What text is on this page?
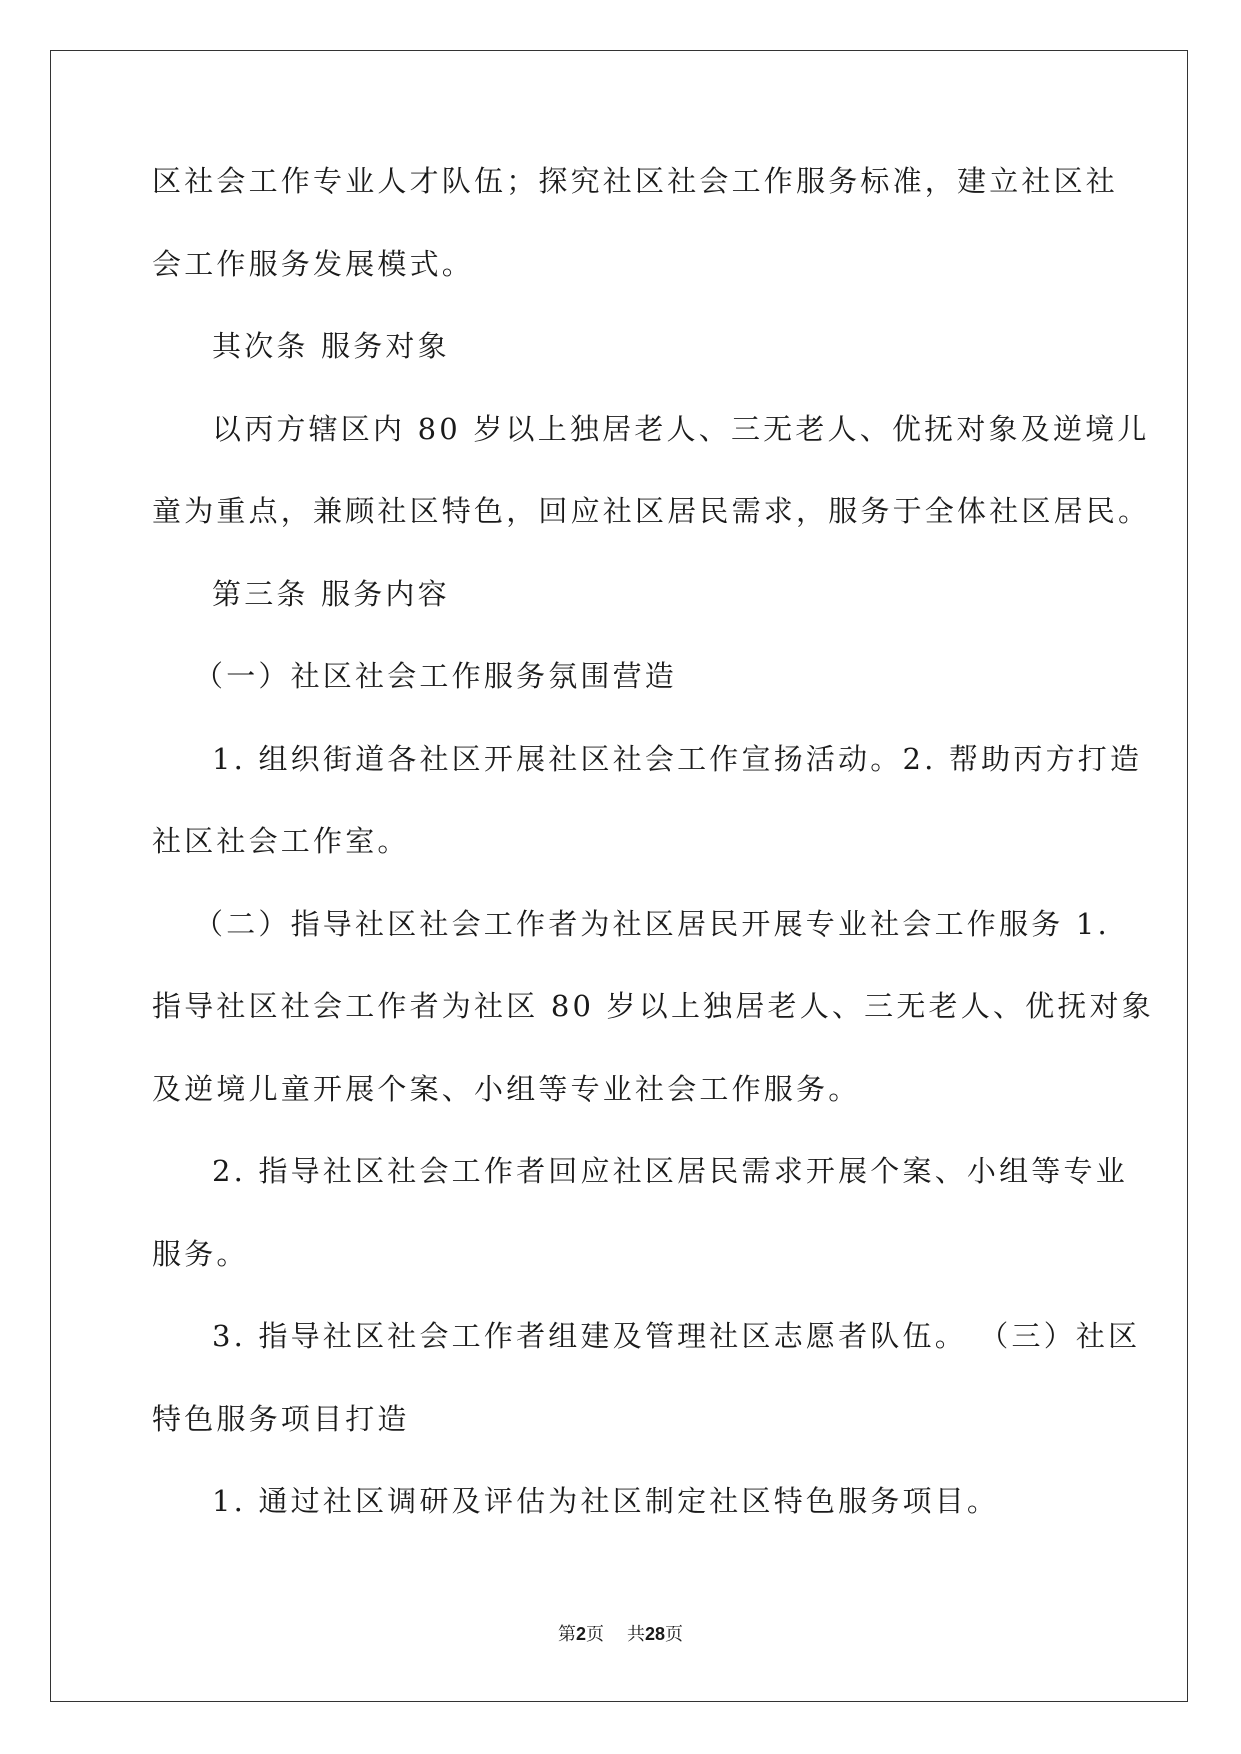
区社会工作专业人才队伍；探究社区社会工作服务标准，建立社区社
会工作服务发展模式。
其次条 服务对象
以丙方辖区内 80 岁以上独居老人、三无老人、优抚对象及逆境儿
童为重点，兼顾社区特色，回应社区居民需求，服务于全体社区居民。
第三条 服务内容
（一）社区社会工作服务氛围营造
1. 组织街道各社区开展社区社会工作宣扬活动。2. 帮助丙方打造
社区社会工作室。
（二）指导社区社会工作者为社区居民开展专业社会工作服务 1.
指导社区社会工作者为社区 80 岁以上独居老人、三无老人、优抚对象
及逆境儿童开展个案、小组等专业社会工作服务。
2. 指导社区社会工作者回应社区居民需求开展个案、小组等专业
服务。
3. 指导社区社会工作者组建及管理社区志愿者队伍。 （三）社区
特色服务项目打造
1. 通过社区调研及评估为社区制定社区特色服务项目。
第2页 共28页
